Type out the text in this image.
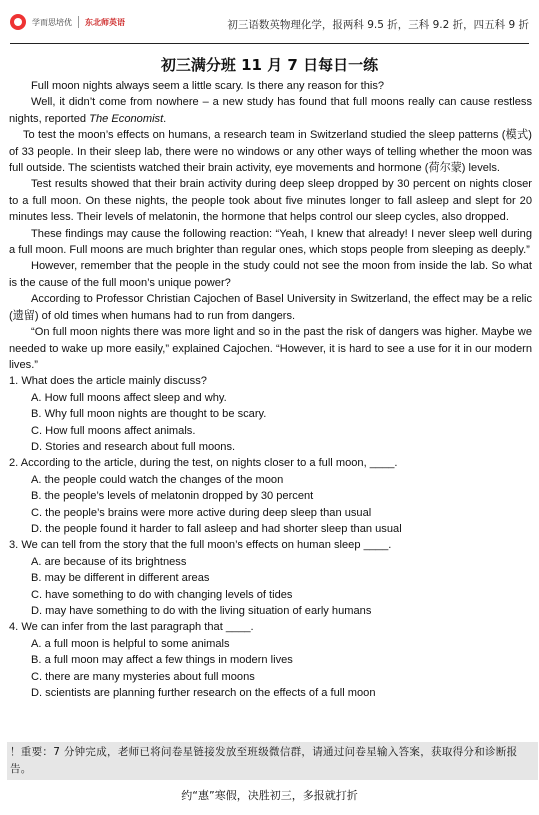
学而思培优 东北师英语	初三语数英物理化学，报两科 9.5 折，三科 9.2 折，四五科 9 折
初三满分班 11 月 7 日每日一练

Full moon nights always seem a little scary. Is there any reason for this?

Well, it didn’t come from nowhere – a new study has found that full moons really can cause restless nights, reported The Economist.

To test the moon’s effects on humans, a research team in Switzerland studied the sleep patterns (模式) of 33 people. In their sleep lab, there were no windows or any other ways of telling whether the moon was full outside. The scientists watched their brain activity, eye movements and hormone (荷尔蒙) levels.

Test results showed that their brain activity during deep sleep dropped by 30 percent on nights closer to a full moon. On these nights, the people took about five minutes longer to fall asleep and slept for 20 minutes less. Their levels of melatonin, the hormone that helps control our sleep cycles, also dropped.

These findings may cause the following reaction: “Yeah, I knew that already! I never sleep well during a full moon. Full moons are much brighter than regular ones, which stops people from sleeping as deeply.”

However, remember that the people in the study could not see the moon from inside the lab. So what is the cause of the full moon’s unique power?

According to Professor Christian Cajochen of Basel University in Switzerland, the effect may be a relic (遗留) of old times when humans had to run from dangers.

“On full moon nights there was more light and so in the past the risk of dangers was higher. Maybe we needed to wake up more easily,” explained Cajochen. “However, it is hard to see a use for it in our modern lives.”

1. What does the article mainly discuss?

A. How full moons affect sleep and why.

B. Why full moon nights are thought to be scary.

C. How full moons affect animals.

D. Stories and research about full moons.

2. According to the article, during the test, on nights closer to a full moon, ____.

A. the people could watch the changes of the moon

B. the people’s levels of melatonin dropped by 30 percent

C. the people’s brains were more active during deep sleep than usual

D. the people found it harder to fall asleep and had shorter sleep than usual

3. We can tell from the story that the full moon’s effects on human sleep ____.

A. are because of its brightness

B. may be different in different areas

C. have something to do with changing levels of tides

D. may have something to do with the living situation of early humans

4. We can infer from the last paragraph that ____.

A. a full moon is helpful to some animals

B. a full moon may affect a few things in modern lives

C. there are many mysteries about full moons

D. scientists are planning further research on the effects of a full moon

！重要：7 分钟完成，老师已将问卷星链接发放至班级微信群，请通过问卷星输入答案，获取得分和诊断报告。
约“惠”寒假，决胜初三，多报就打折
